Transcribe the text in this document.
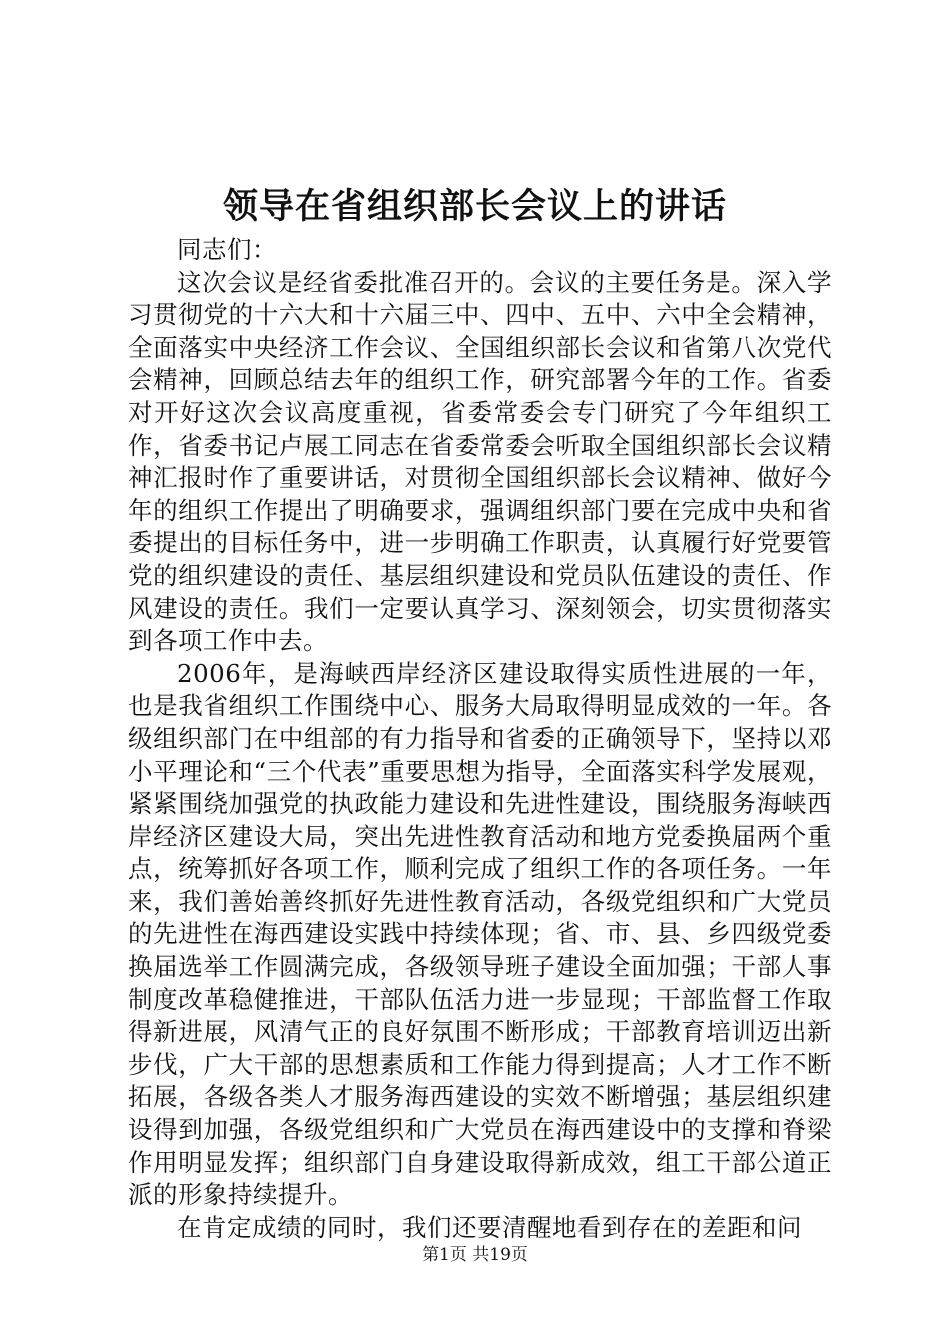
领导在省组织部长会议上的讲话

同志们：

这次会议是经省委批准召开的。会议的主要任务是。深入学习贯彻党的十六大和十六届三中、四中、五中、六中全会精神，全面落实中央经济工作会议、全国组织部长会议和省第八次党代会精神，回顾总结去年的组织工作，研究部署今年的工作。省委对开好这次会议高度重视，省委常委会专门研究了今年组织工作，省委书记卢展工同志在省委常委会听取全国组织部长会议精神汇报时作了重要讲话，对贯彻全国组织部长会议精神、做好今年的组织工作提出了明确要求，强调组织部门要在完成中央和省委提出的目标任务中，进一步明确工作职责，认真履行好党要管党的组织建设的责任、基层组织建设和党员队伍建设的责任、作风建设的责任。我们一定要认真学习、深刻领会，切实贯彻落实到各项工作中去。

2006年，是海峡西岸经济区建设取得实质性进展的一年，也是我省组织工作围绕中心、服务大局取得明显成效的一年。各级组织部门在中组部的有力指导和省委的正确领导下，坚持以邓小平理论和“三个代表”重要思想为指导，全面落实科学发展观，紧紧围绕加强党的执政能力建设和先进性建设，围绕服务海峡西岸经济区建设大局，突出先进性教育活动和地方党委换届两个重点，统筹抓好各项工作，顺利完成了组织工作的各项任务。一年来，我们善始善终抓好先进性教育活动，各级党组织和广大党员的先进性在海西建设实践中持续体现；省、市、县、乡四级党委换届选举工作圆满完成，各级领导班子建设全面加强；干部人事制度改革稳健推进，干部队伍活力进一步显现；干部监督工作取得新进展，风清气正的良好氛围不断形成；干部教育培训迈出新步伐，广大干部的思想素质和工作能力得到提高；人才工作不断拓展，各级各类人才服务海西建设的实效不断增强；基层组织建设得到加强，各级党组织和广大党员在海西建设中的支撑和脊梁作用明显发挥；组织部门自身建设取得新成效，组工干部公道正派的形象持续提升。

在肯定成绩的同时，我们还要清醒地看到存在的差距和问

第1页 共19页
